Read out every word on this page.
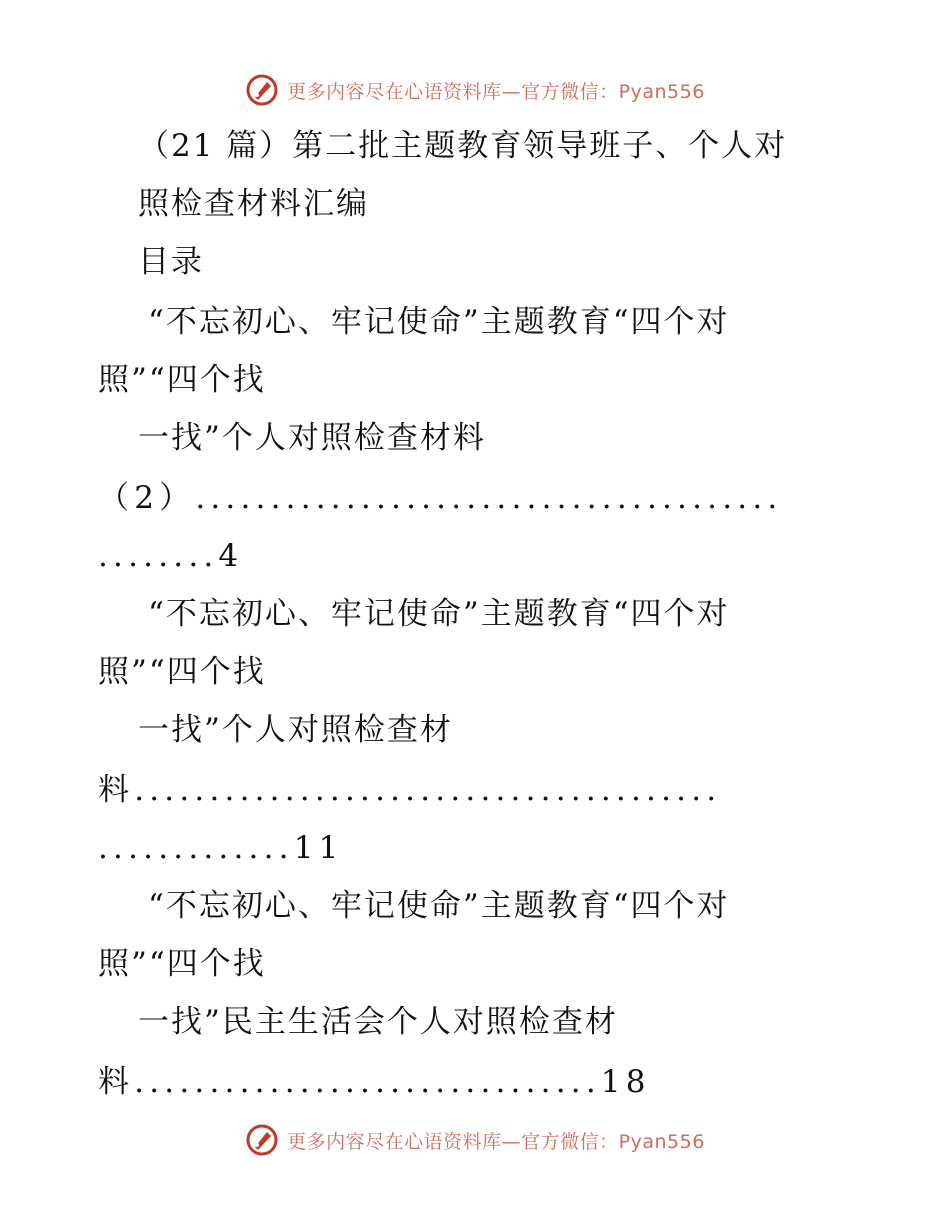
更多内容尽在心语资料库—官方微信：Pyan556
（21 篇）第二批主题教育领导班子、个人对
照检查材料汇编
目录
“不忘初心、牢记使命”主题教育“四个对
照”“四个找
一找”个人对照检查材料
（2）.......................................
........4
“不忘初心、牢记使命”主题教育“四个对
照”“四个找
一找”个人对照检查材
料.......................................
.............11
“不忘初心、牢记使命”主题教育“四个对
照”“四个找
一找”民主生活会个人对照检查材
料...............................18
更多内容尽在心语资料库—官方微信：Pyan556
